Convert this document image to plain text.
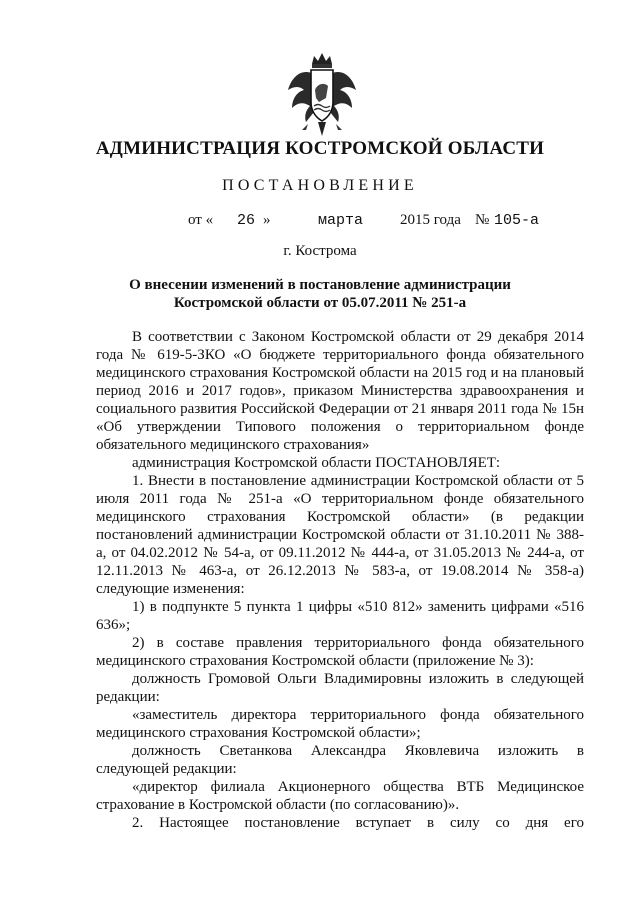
АДМИНИСТРАЦИЯ КОСТРОМСКОЙ ОБЛАСТИ
ПОСТАНОВЛЕНИЕ
от « 26 »	марта 2015 года № 105-а
г. Кострома
О внесении изменений в постановление администрации
Костромской области от 05.07.2011 № 251-а

В соответствии с Законом Костромской области от 29 декабря 2014 года № 619-5-ЗКО «О бюджете территориального фонда обязательного медицинского страхования Костромской области на 2015 год и на плановый период 2016 и 2017 годов», приказом Министерства здравоохранения и социального развития Российской Федерации от 21 января 2011 года № 15н «Об утверждении Типового положения о территориальном фонде обязательного медицинского страхования»

администрация Костромской области ПОСТАНОВЛЯЕТ:

1. Внести в постановление администрации Костромской области от 5 июля 2011 года № 251-а «О территориальном фонде обязательного медицинского страхования Костромской области» (в редакции постановлений администрации Костромской области от 31.10.2011 № 388-а, от 04.02.2012 № 54-а, от 09.11.2012 № 444-а, от 31.05.2013 № 244-а, от 12.11.2013 № 463-а, от 26.12.2013 № 583-а, от 19.08.2014 № 358-а) следующие изменения:

1) в подпункте 5 пункта 1 цифры «510 812» заменить цифрами «516 636»;

2) в составе правления территориального фонда обязательного медицинского страхования Костромской области (приложение № 3):

должность Громовой Ольги Владимировны изложить в следующей редакции:

«заместитель директора территориального фонда обязательного медицинского страхования Костромской области»;

должность Светанкова Александра Яковлевича изложить в следующей редакции:

«директор филиала Акционерного общества ВТБ Медицинское страхование в Костромской области (по согласованию)».

2. Настоящее постановление вступает в силу со дня его
